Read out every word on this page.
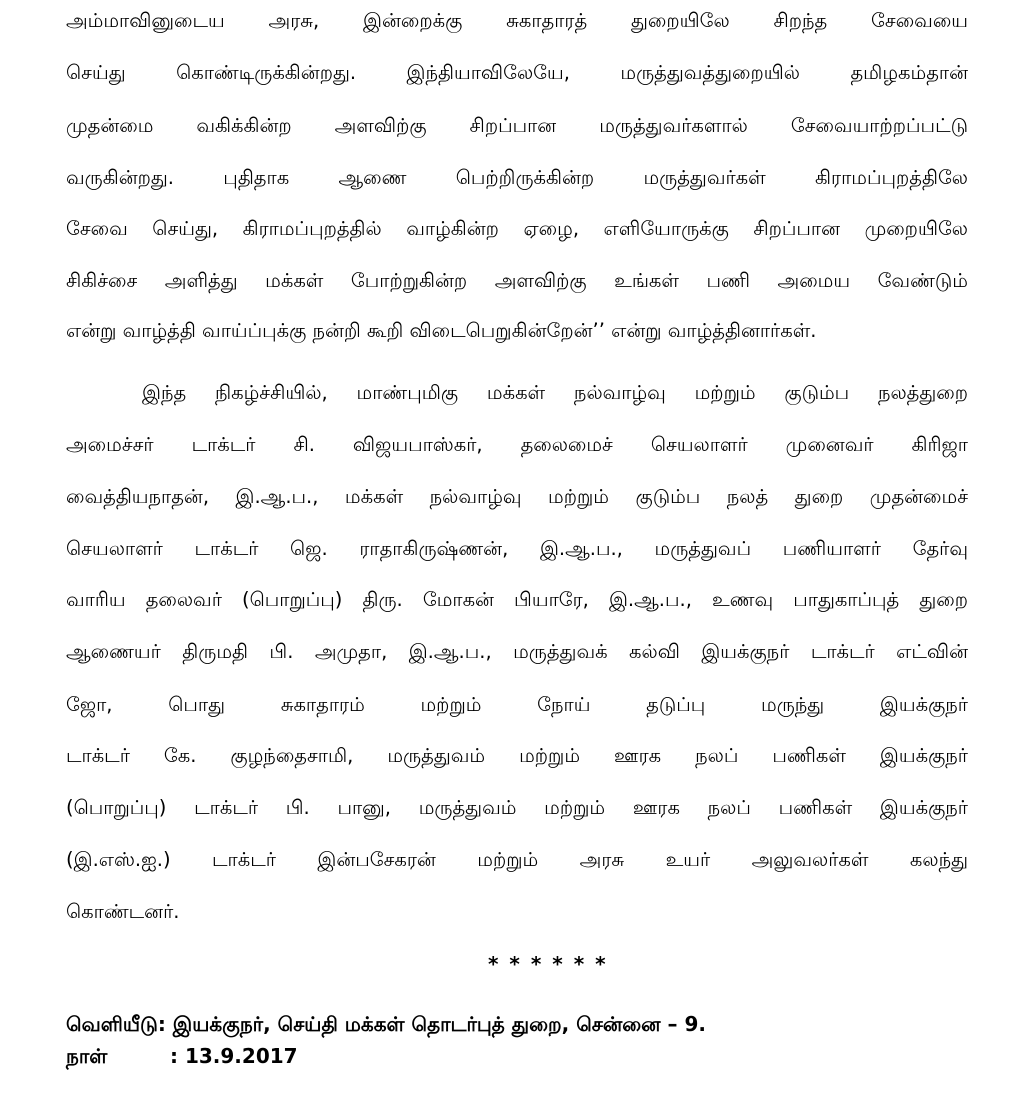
அம்மாவினுடைய அரசு, இன்றைக்கு சுகாதாரத் துறையிலே சிறந்த சேவையை
செய்து கொண்டிருக்கின்றது. இந்தியாவிலேயே, மருத்துவத்துறையில் தமிழகம்தான்
முதன்மை வகிக்கின்ற அளவிற்கு சிறப்பான மருத்துவர்களால் சேவையாற்றப்பட்டு
வருகின்றது. புதிதாக ஆணை பெற்றிருக்கின்ற மருத்துவர்கள் கிராமப்புறத்திலே
சேவை செய்து, கிராமப்புறத்தில் வாழ்கின்ற ஏழை, எளியோருக்கு சிறப்பான முறையிலே
சிகிச்சை அளித்து மக்கள் போற்றுகின்ற அளவிற்கு உங்கள் பணி அமைய வேண்டும்
என்று வாழ்த்தி வாய்ப்புக்கு நன்றி கூறி விடைபெறுகின்றேன்’’ என்று வாழ்த்தினார்கள்.
இந்த நிகழ்ச்சியில், மாண்புமிகு மக்கள் நல்வாழ்வு மற்றும் குடும்ப நலத்துறை
அமைச்சர் டாக்டர் சி. விஜயபாஸ்கர், தலைமைச் செயலாளர் முனைவர் கிரிஜா
வைத்தியநாதன், இ.ஆ.ப., மக்கள் நல்வாழ்வு மற்றும் குடும்ப நலத் துறை முதன்மைச்
செயலாளர் டாக்டர் ஜெ. ராதாகிருஷ்ணன், இ.ஆ.ப., மருத்துவப் பணியாளர் தேர்வு
வாரிய தலைவர் (பொறுப்பு) திரு. மோகன் பியாரே, இ.ஆ.ப., உணவு பாதுகாப்புத் துறை
ஆணையர் திருமதி பி. அமுதா, இ.ஆ.ப., மருத்துவக் கல்வி இயக்குநர் டாக்டர் எட்வின்
ஜோ, பொது சுகாதாரம் மற்றும் நோய் தடுப்பு மருந்து இயக்குநர்
டாக்டர் கே. குழந்தைசாமி, மருத்துவம் மற்றும் ஊரக நலப் பணிகள் இயக்குநர்
(பொறுப்பு) டாக்டர் பி. பானு, மருத்துவம் மற்றும் ஊரக நலப் பணிகள் இயக்குநர்
(இ.எஸ்.ஐ.) டாக்டர் இன்பசேகரன் மற்றும் அரசு உயர் அலுவலர்கள் கலந்து
கொண்டனர்.
* * * * * *
வெளியீடு: இயக்குநர், செய்தி மக்கள் தொடர்புத் துறை, சென்னை – 9.
நாள்	: 13.9.2017
